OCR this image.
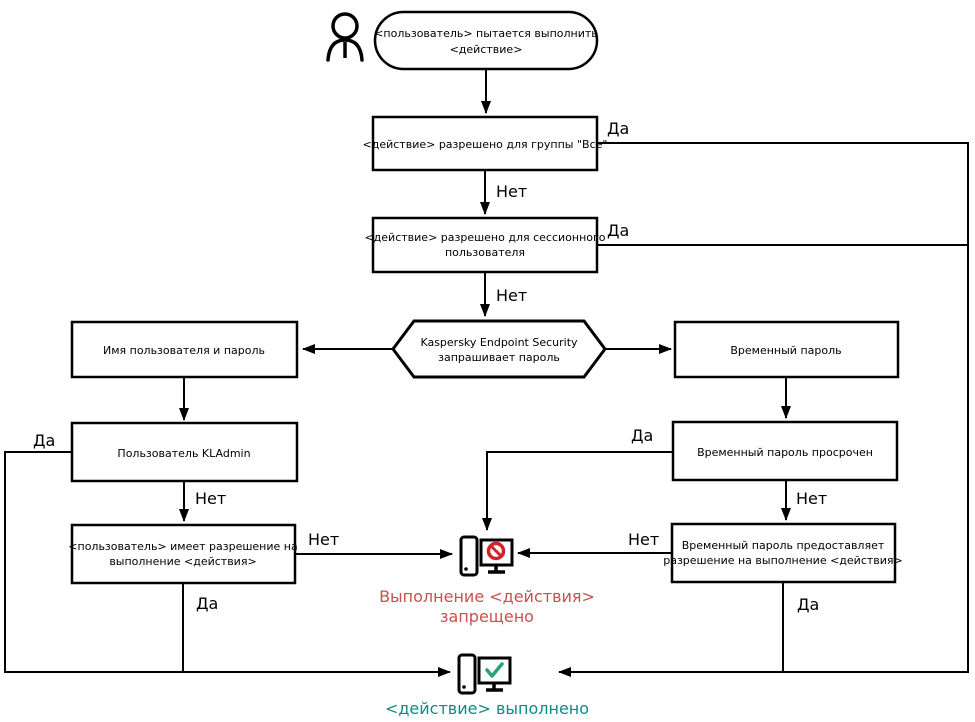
Да
Нет
Да
Нет
Да
Нет
Нет
Да
Да
Нет
Нет
Да
<пользователь> пытается выполнить
<действие>
<действие> разрешено для группы "Все"
<действие> разрешено для сессионного
пользователя
Kaspersky Endpoint Security
запрашивает пароль
Имя пользователя и пароль	Временный пароль
Пользователь KLAdmin
<пользователь> имеет разрешение на
выполнение <действия>
Временный пароль просрочен
Временный пароль предоставляет
разрешение на выполнение <действия>
Выполнение <действия>
запрещено
<действие> выполнено
